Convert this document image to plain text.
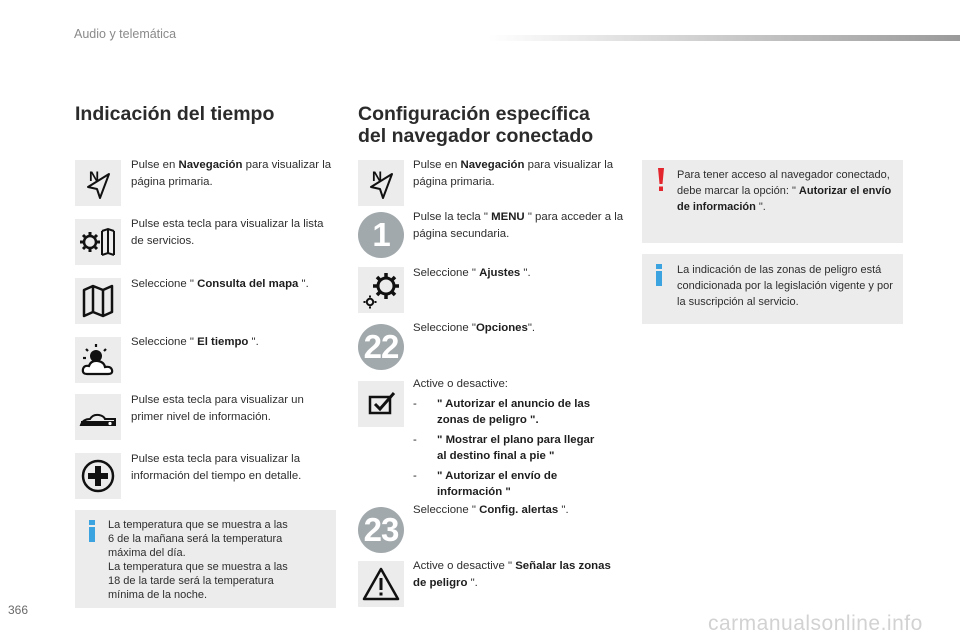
Audio y telemática
Indicación del tiempo
N
Pulse en Navegación para visualizar la página primaria.
Pulse esta tecla para visualizar la lista de servicios.
Seleccione " Consulta del mapa ".
Seleccione " El tiempo ".
Pulse esta tecla para visualizar un primer nivel de información.
Pulse esta tecla para visualizar la información del tiempo en detalle.
La temperatura que se muestra a las
6 de la mañana será la temperatura
máxima del día.
La temperatura que se muestra a las
18 de la tarde será la temperatura
mínima de la noche.
Configuración específica
del navegador conectado
N
Pulse en Navegación para visualizar la página primaria.
1	Pulse la tecla " MENU " para acceder a la página secundaria.
Seleccione " Ajustes ".
22	Seleccione "Opciones".
Active o desactive:
- " Autorizar el anuncio de las
zonas de peligro ".
- " Mostrar el plano para llegar
al destino final a pie "
- " Autorizar el envío de
información "
23
Seleccione " Config. alertas ".
Active o desactive " Señalar las zonas de peligro ".
Para tener acceso al navegador conectado, debe marcar la opción: " Autorizar el envío de información ".
La indicación de las zonas de peligro está condicionada por la legislación vigente y por la suscripción al servicio.
366
carmanualsonline.info
